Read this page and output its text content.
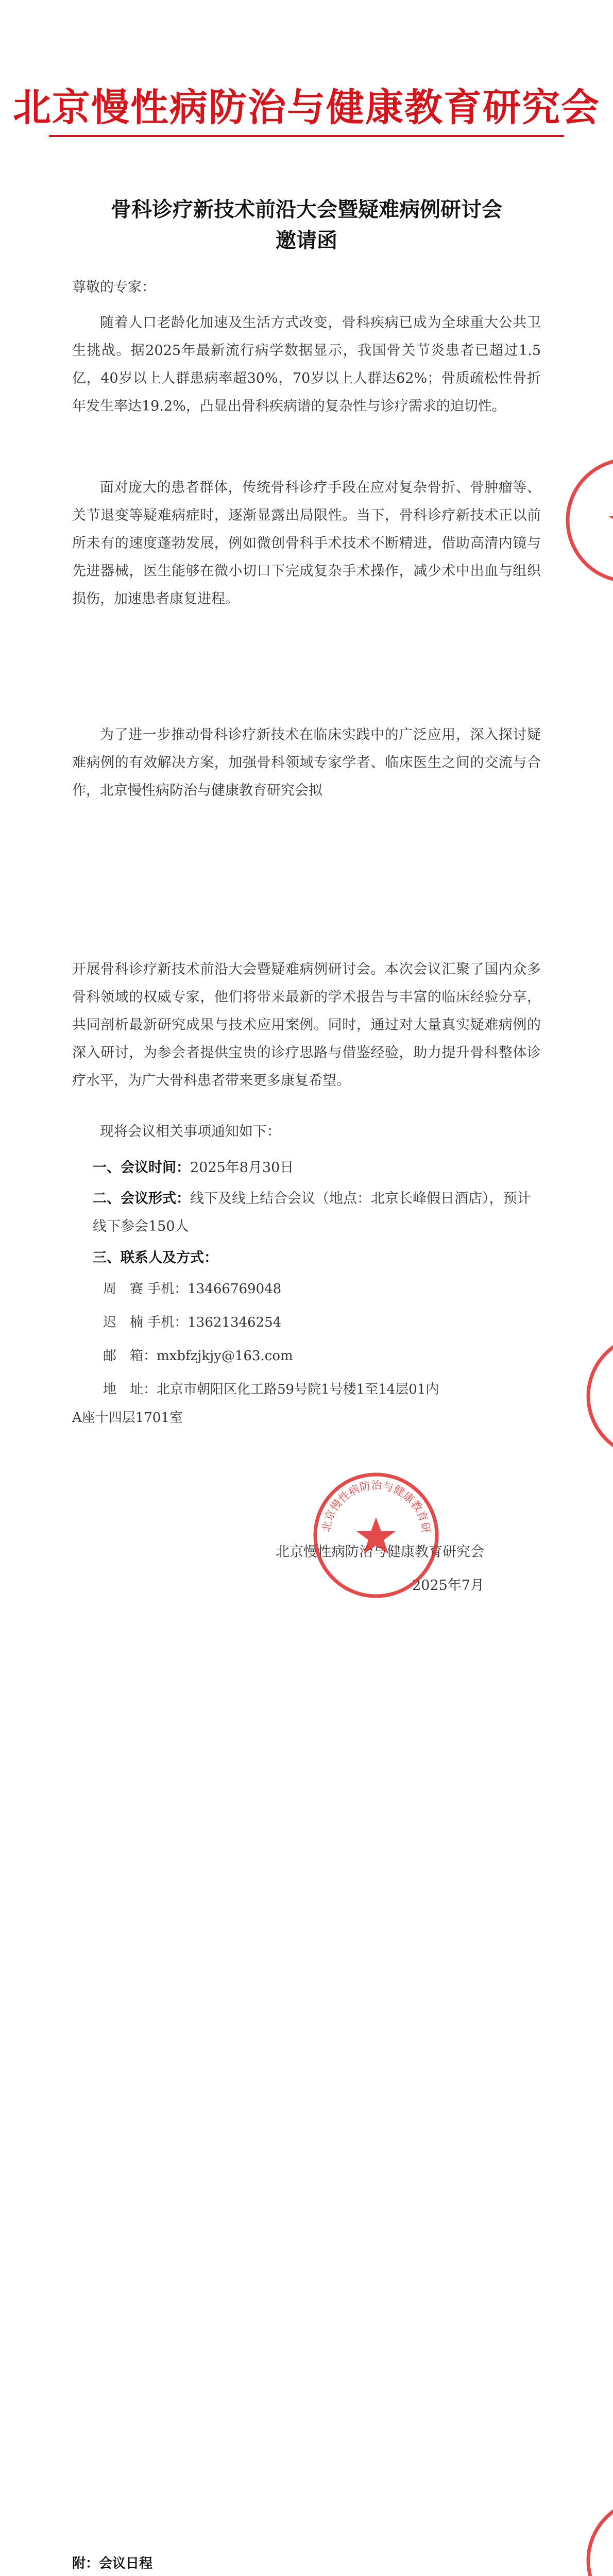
北京慢性病防治与健康教育研究会
骨科诊疗新技术前沿大会暨疑难病例研讨会
邀请函
尊敬的专家：

随着人口老龄化加速及生活方式改变，骨科疾病已成为全球重大公共卫生挑战。据2025年最新流行病学数据显示，我国骨关节炎患者已超过1.5亿，40岁以上人群患病率超30%，70岁以上人群达62%；骨质疏松性骨折年发生率达19.2%，凸显出骨科疾病谱的复杂性与诊疗需求的迫切性。

面对庞大的患者群体，传统骨科诊疗手段在应对复杂骨折、骨肿瘤等、关节退变等疑难病症时，逐渐显露出局限性。当下，骨科诊疗新技术正以前所未有的速度蓬勃发展，例如微创骨科手术技术不断精进，借助高清内镜与先进器械，医生能够在微小切口下完成复杂手术操作，减少术中出血与组织损伤，加速患者康复进程。

为了进一步推动骨科诊疗新技术在临床实践中的广泛应用，深入探讨疑难病例的有效解决方案，加强骨科领域专家学者、临床医生之间的交流与合作，北京慢性病防治与健康教育研究会拟

开展骨科诊疗新技术前沿大会暨疑难病例研讨会。本次会议汇聚了国内众多骨科领域的权威专家，他们将带来最新的学术报告与丰富的临床经验分享，共同剖析最新研究成果与技术应用案例。同时，通过对大量真实疑难病例的深入研讨，为参会者提供宝贵的诊疗思路与借鉴经验，助力提升骨科整体诊疗水平，为广大骨科患者带来更多康复希望。

现将会议相关事项通知如下：

一、会议时间：2025年8月30日
二、会议形式：线下及线上结合会议（地点：北京长峰假日酒店），预计线下参会150人
三、联系人及方式：
周　赛 手机：13466769048
迟　楠 手机：13621346254
邮　箱：mxbfzjkjy@163.com
地　址：北京市朝阳区化工路59号院1号楼1至14层01内
A座十四层1701室
北京慢性病防治与健康教育研究会
2025年7月
北京慢性病防治与健康教育研
附：会议日程
